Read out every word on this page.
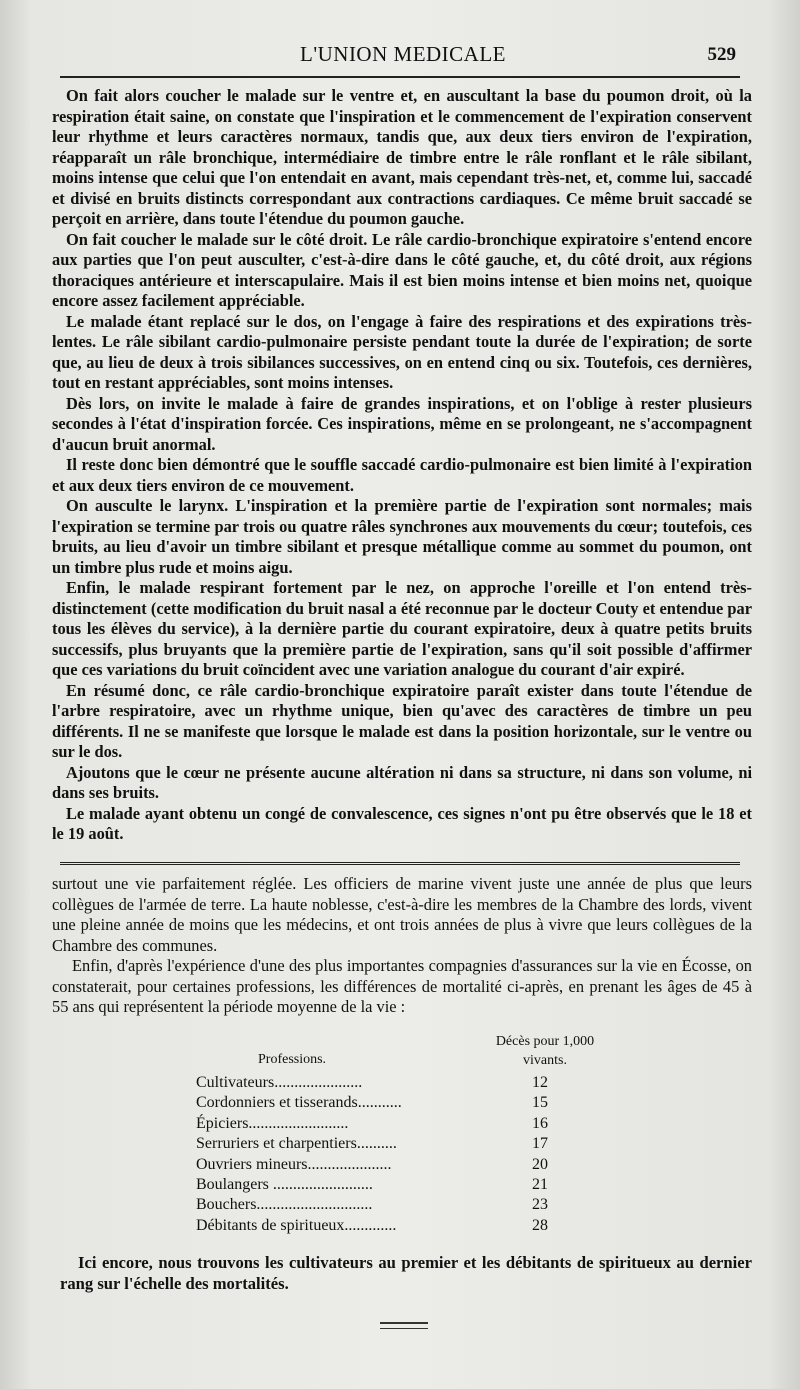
L'UNION MEDICALE	529

On fait alors coucher le malade sur le ventre et, en auscultant la base du poumon droit, où la respiration était saine, on constate que l'inspiration et le commencement de l'expiration conservent leur rhythme et leurs caractères normaux, tandis que, aux deux tiers environ de l'expiration, réapparaît un râle bronchique, intermédiaire de timbre entre le râle ronflant et le râle sibilant, moins intense que celui que l'on entendait en avant, mais cependant très-net, et, comme lui, saccadé et divisé en bruits distincts correspondant aux contractions cardiaques. Ce même bruit saccadé se perçoit en arrière, dans toute l'étendue du poumon gauche.

On fait coucher le malade sur le côté droit. Le râle cardio-bronchique expiratoire s'entend encore aux parties que l'on peut ausculter, c'est-à-dire dans le côté gauche, et, du côté droit, aux régions thoraciques antérieure et interscapulaire. Mais il est bien moins intense et bien moins net, quoique encore assez facilement appréciable.

Le malade étant replacé sur le dos, on l'engage à faire des respirations et des expirations très-lentes. Le râle sibilant cardio-pulmonaire persiste pendant toute la durée de l'expiration; de sorte que, au lieu de deux à trois sibilances successives, on en entend cinq ou six. Toutefois, ces dernières, tout en restant appréciables, sont moins intenses.

Dès lors, on invite le malade à faire de grandes inspirations, et on l'oblige à rester plusieurs secondes à l'état d'inspiration forcée. Ces inspirations, même en se prolongeant, ne s'accompagnent d'aucun bruit anormal.

Il reste donc bien démontré que le souffle saccadé cardio-pulmonaire est bien limité à l'expiration et aux deux tiers environ de ce mouvement.

On ausculte le larynx. L'inspiration et la première partie de l'expiration sont normales; mais l'expiration se termine par trois ou quatre râles synchrones aux mouvements du cœur; toutefois, ces bruits, au lieu d'avoir un timbre sibilant et presque métallique comme au sommet du poumon, ont un timbre plus rude et moins aigu.

Enfin, le malade respirant fortement par le nez, on approche l'oreille et l'on entend très-distinctement (cette modification du bruit nasal a été reconnue par le docteur Couty et entendue par tous les élèves du service), à la dernière partie du courant expiratoire, deux à quatre petits bruits successifs, plus bruyants que la première partie de l'expiration, sans qu'il soit possible d'affirmer que ces variations du bruit coïncident avec une variation analogue du courant d'air expiré.

En résumé donc, ce râle cardio-bronchique expiratoire paraît exister dans toute l'étendue de l'arbre respiratoire, avec un rhythme unique, bien qu'avec des caractères de timbre un peu différents. Il ne se manifeste que lorsque le malade est dans la position horizontale, sur le ventre ou sur le dos.

Ajoutons que le cœur ne présente aucune altération ni dans sa structure, ni dans son volume, ni dans ses bruits.

Le malade ayant obtenu un congé de convalescence, ces signes n'ont pu être observés que le 18 et le 19 août.

surtout une vie parfaitement réglée. Les officiers de marine vivent juste une année de plus que leurs collègues de l'armée de terre. La haute noblesse, c'est-à-dire les membres de la Chambre des lords, vivent une pleine année de moins que les médecins, et ont trois années de plus à vivre que leurs collègues de la Chambre des communes.

Enfin, d'après l'expérience d'une des plus importantes compagnies d'assurances sur la vie en Écosse, on constaterait, pour certaines professions, les différences de mortalité ci-après, en prenant les âges de 45 à 55 ans qui représentent la période moyenne de la vie :

Professions.
Décès pour 1,000 vivants.
Cultivateurs......................	12
Cordonniers et tisserands...........	15
Épiciers.........................	16
Serruriers et charpentiers..........	17
Ouvriers mineurs.....................	20
Boulangers .........................	21
Bouchers.............................	23
Débitants de spiritueux.............	28

Ici encore, nous trouvons les cultivateurs au premier et les débitants de spiritueux au dernier rang sur l'échelle des mortalités.
